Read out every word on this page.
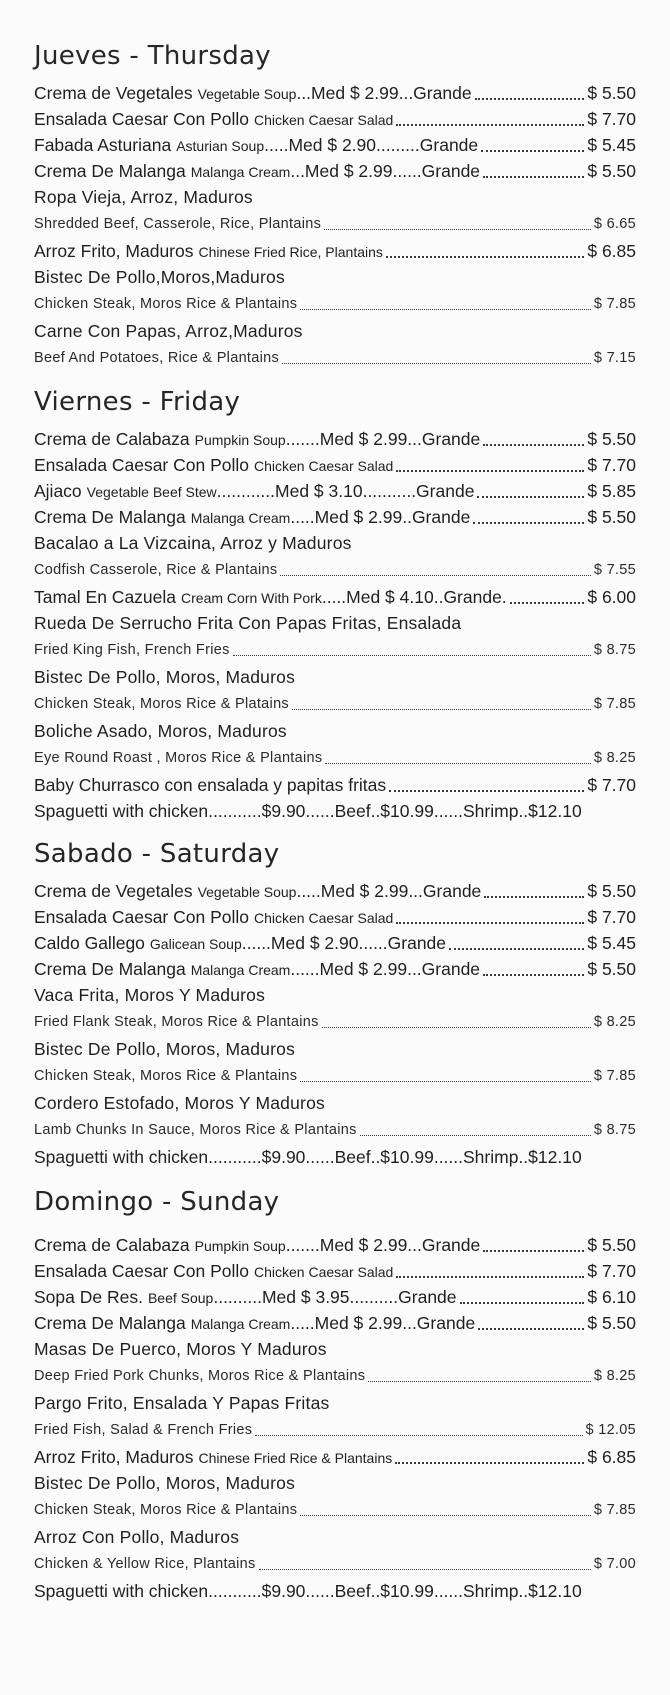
Jueves - Thursday
Crema de Vegetales Vegetable Soup ...Med $ 2.99...Grande	$ 5.50
Ensalada Caesar Con Pollo Chicken Caesar Salad	$ 7.70
Fabada Asturiana Asturian Soup .....Med $ 2.90.........Grande	$ 5.45
Crema De Malanga Malanga Cream ...Med $ 2.99......Grande	$ 5.50
Ropa Vieja, Arroz, Maduros
Shredded Beef, Casserole, Rice, Plantains	$ 6.65
Arroz Frito, Maduros Chinese Fried Rice, Plantains	$ 6.85
Bistec De Pollo,Moros,Maduros
Chicken Steak, Moros Rice & Plantains	$ 7.85
Carne Con Papas, Arroz,Maduros
Beef And Potatoes, Rice & Plantains	$ 7.15
Viernes - Friday
Crema de Calabaza Pumpkin Soup .......Med $ 2.99...Grande	$ 5.50
Ensalada Caesar Con Pollo Chicken Caesar Salad	$ 7.70
Ajiaco Vegetable Beef Stew ............Med $ 3.10...........Grande	$ 5.85
Crema De Malanga Malanga Cream .....Med $ 2.99..Grande	$ 5.50
Bacalao a La Vizcaina, Arroz y Maduros
Codfish Casserole, Rice & Plantains	$ 7.55
Tamal En Cazuela Cream Corn With Pork .....Med $ 4.10..Grande.	$ 6.00
Rueda De Serrucho Frita Con Papas Fritas, Ensalada
Fried King Fish, French Fries	$ 8.75
Bistec De Pollo, Moros, Maduros
Chicken Steak, Moros Rice & Platains	$ 7.85
Boliche Asado, Moros, Maduros
Eye Round Roast , Moros Rice & Plantains	$ 8.25
Baby Churrasco con ensalada y papitas fritas	$ 7.70
Spaguetti with chicken...........$9.90......Beef..$10.99......Shrimp..$12.10
Sabado - Saturday
Crema de Vegetales Vegetable Soup .....Med $ 2.99...Grande	$ 5.50
Ensalada Caesar Con Pollo Chicken Caesar Salad	$ 7.70
Caldo Gallego Galicean Soup ......Med $ 2.90......Grande	$ 5.45
Crema De Malanga Malanga Cream ......Med $ 2.99...Grande	$ 5.50
Vaca Frita, Moros Y Maduros
Fried Flank Steak, Moros Rice & Plantains	$ 8.25
Bistec De Pollo, Moros, Maduros
Chicken Steak, Moros Rice & Plantains	$ 7.85
Cordero Estofado, Moros Y Maduros
Lamb Chunks In Sauce, Moros Rice & Plantains	$ 8.75
Spaguetti with chicken...........$9.90......Beef..$10.99......Shrimp..$12.10
Domingo - Sunday
Crema de Calabaza Pumpkin Soup .......Med $ 2.99...Grande	$ 5.50
Ensalada Caesar Con Pollo Chicken Caesar Salad	$ 7.70
Sopa De Res. Beef Soup ..........Med $ 3.95..........Grande	$ 6.10
Crema De Malanga Malanga Cream .....Med $ 2.99...Grande	$ 5.50
Masas De Puerco, Moros Y Maduros
Deep Fried Pork Chunks, Moros Rice & Plantains	$ 8.25
Pargo Frito, Ensalada Y Papas Fritas
Fried Fish, Salad & French Fries	$ 12.05
Arroz Frito, Maduros Chinese Fried Rice & Plantains	$ 6.85
Bistec De Pollo, Moros, Maduros
Chicken Steak, Moros Rice & Plantains	$ 7.85
Arroz Con Pollo, Maduros
Chicken & Yellow Rice, Plantains	$ 7.00
Spaguetti with chicken...........$9.90......Beef..$10.99......Shrimp..$12.10
